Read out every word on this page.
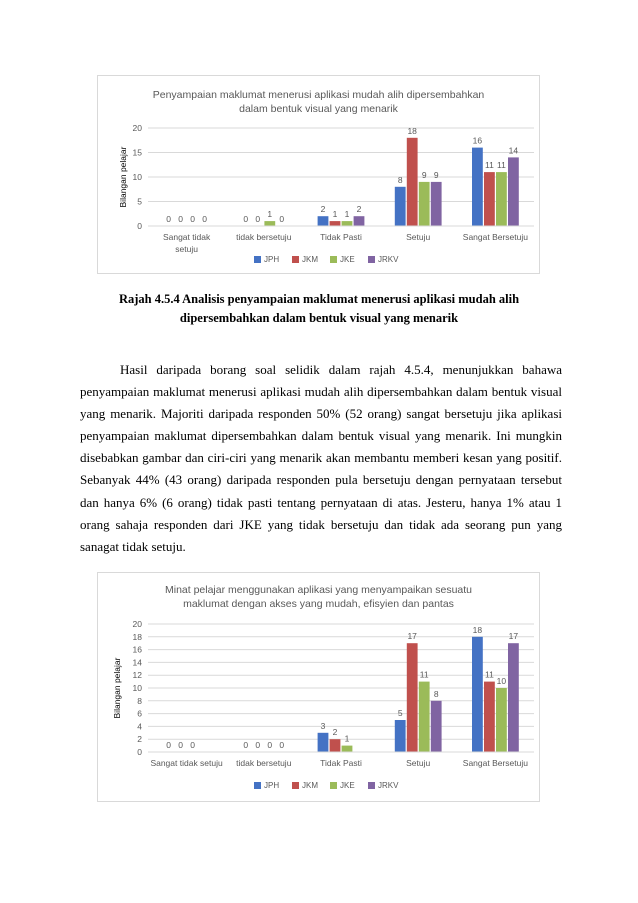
Penyampaian maklumat menerusi aplikasi mudah alih dipersembahkan
dalam bentuk visual yang menarik
0
5
10
15
20
Bilangan pelajar
0 0 0 0
Sangat tidak
setuju
0 0 1 0
tidak bersetuju
2 1 1 2
Tidak Pasti
8
18
9 9
Setuju
16
11 11
14
Sangat Bersetuju
JPH	JKM	JKE	JRKV
Rajah 4.5.4 Analisis penyampaian maklumat menerusi aplikasi mudah alih
dipersembahkan dalam bentuk visual yang menarik

Hasil daripada borang soal selidik dalam rajah 4.5.4, menunjukkan bahawa penyampaian maklumat menerusi aplikasi mudah alih dipersembahkan dalam bentuk visual yang menarik. Majoriti daripada responden 50% (52 orang) sangat bersetuju jika aplikasi penyampaian maklumat dipersembahkan dalam bentuk visual yang menarik. Ini mungkin disebabkan gambar dan ciri-ciri yang menarik akan membantu memberi kesan yang positif. Sebanyak 44% (43 orang) daripada responden pula bersetuju dengan pernyataan tersebut dan hanya 6% (6 orang) tidak pasti tentang pernyataan di atas. Jesteru, hanya 1% atau 1 orang sahaja responden dari JKE yang tidak bersetuju dan tidak ada seorang pun yang sanagat tidak setuju.

Minat pelajar menggunakan aplikasi yang menyampaikan sesuatu
maklumat dengan akses yang mudah, efisyien dan pantas
0
2
4
6
8
10
12
14
16
18
20
Bilangan pelajar
0 0 0
Sangat tidak setuju
0 0 0 0
tidak bersetuju
3
2
1
Tidak Pasti
5
17
11
8
Setuju
18
11
10
17
Sangat Bersetuju
JPH	JKM	JKE	JRKV
